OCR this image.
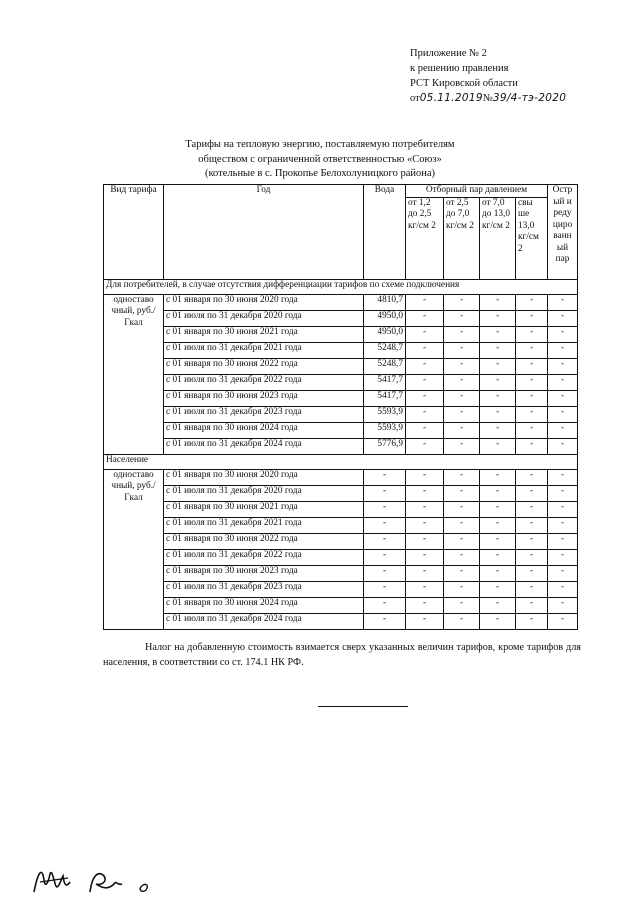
Приложение № 2
к решению правления
РСТ Кировской области
от05.11.2019№39/4-тэ-2020
Тарифы на тепловую энергию, поставляемую потребителям
обществом с ограниченной ответственностью «Союз»
(котельные в с. Прокопье Белохолуницкого района)
Вид тарифа	Год	Вода	Отборный пар давлением				Остр ый и реду циро ванн ый пар
			от 1,2 до 2,5 кг/см 2	от 2,5 до 7,0 кг/см 2	от 7,0 до 13,0 кг/см 2	свы ше 13,0 кг/см 2	
Для потребителей, в случае отсутствия дифференциации тарифов по схеме подключения							
одноставо чный, руб./Гкал	с 01 января по 30 июня 2020 года	4810,7	-	-	-	-	-
	с 01 июля по 31 декабря 2020 года	4950,0	-	-	-	-	-
	с 01 января по 30 июня 2021 года	4950,0	-	-	-	-	-
	с 01 июля по 31 декабря 2021 года	5248,7	-	-	-	-	-
	с 01 января по 30 июня 2022 года	5248,7	-	-	-	-	-
	с 01 июля по 31 декабря 2022 года	5417,7	-	-	-	-	-
	с 01 января по 30 июня 2023 года	5417,7	-	-	-	-	-
	с 01 июля по 31 декабря 2023 года	5593,9	-	-	-	-	-
	с 01 января по 30 июня 2024 года	5593,9	-	-	-	-	-
	с 01 июля по 31 декабря 2024 года	5776,9	-	-	-	-	-
Население							
одноставо чный, руб./Гкал	с 01 января по 30 июня 2020 года	-	-	-	-	-	-
	с 01 июля по 31 декабря 2020 года	-	-	-	-	-	-
	с 01 января по 30 июня 2021 года	-	-	-	-	-	-
	с 01 июля по 31 декабря 2021 года	-	-	-	-	-	-
	с 01 января по 30 июня 2022 года	-	-	-	-	-	-
	с 01 июля по 31 декабря 2022 года	-	-	-	-	-	-
	с 01 января по 30 июня 2023 года	-	-	-	-	-	-
	с 01 июля по 31 декабря 2023 года	-	-	-	-	-	-
	с 01 января по 30 июня 2024 года	-	-	-	-	-	-
	с 01 июля по 31 декабря 2024 года	-	-	-	-	-	-
Налог на добавленную стоимость взимается сверх указанных величин тарифов, кроме тарифов для населения, в соответствии со ст. 174.1 НК РФ.
